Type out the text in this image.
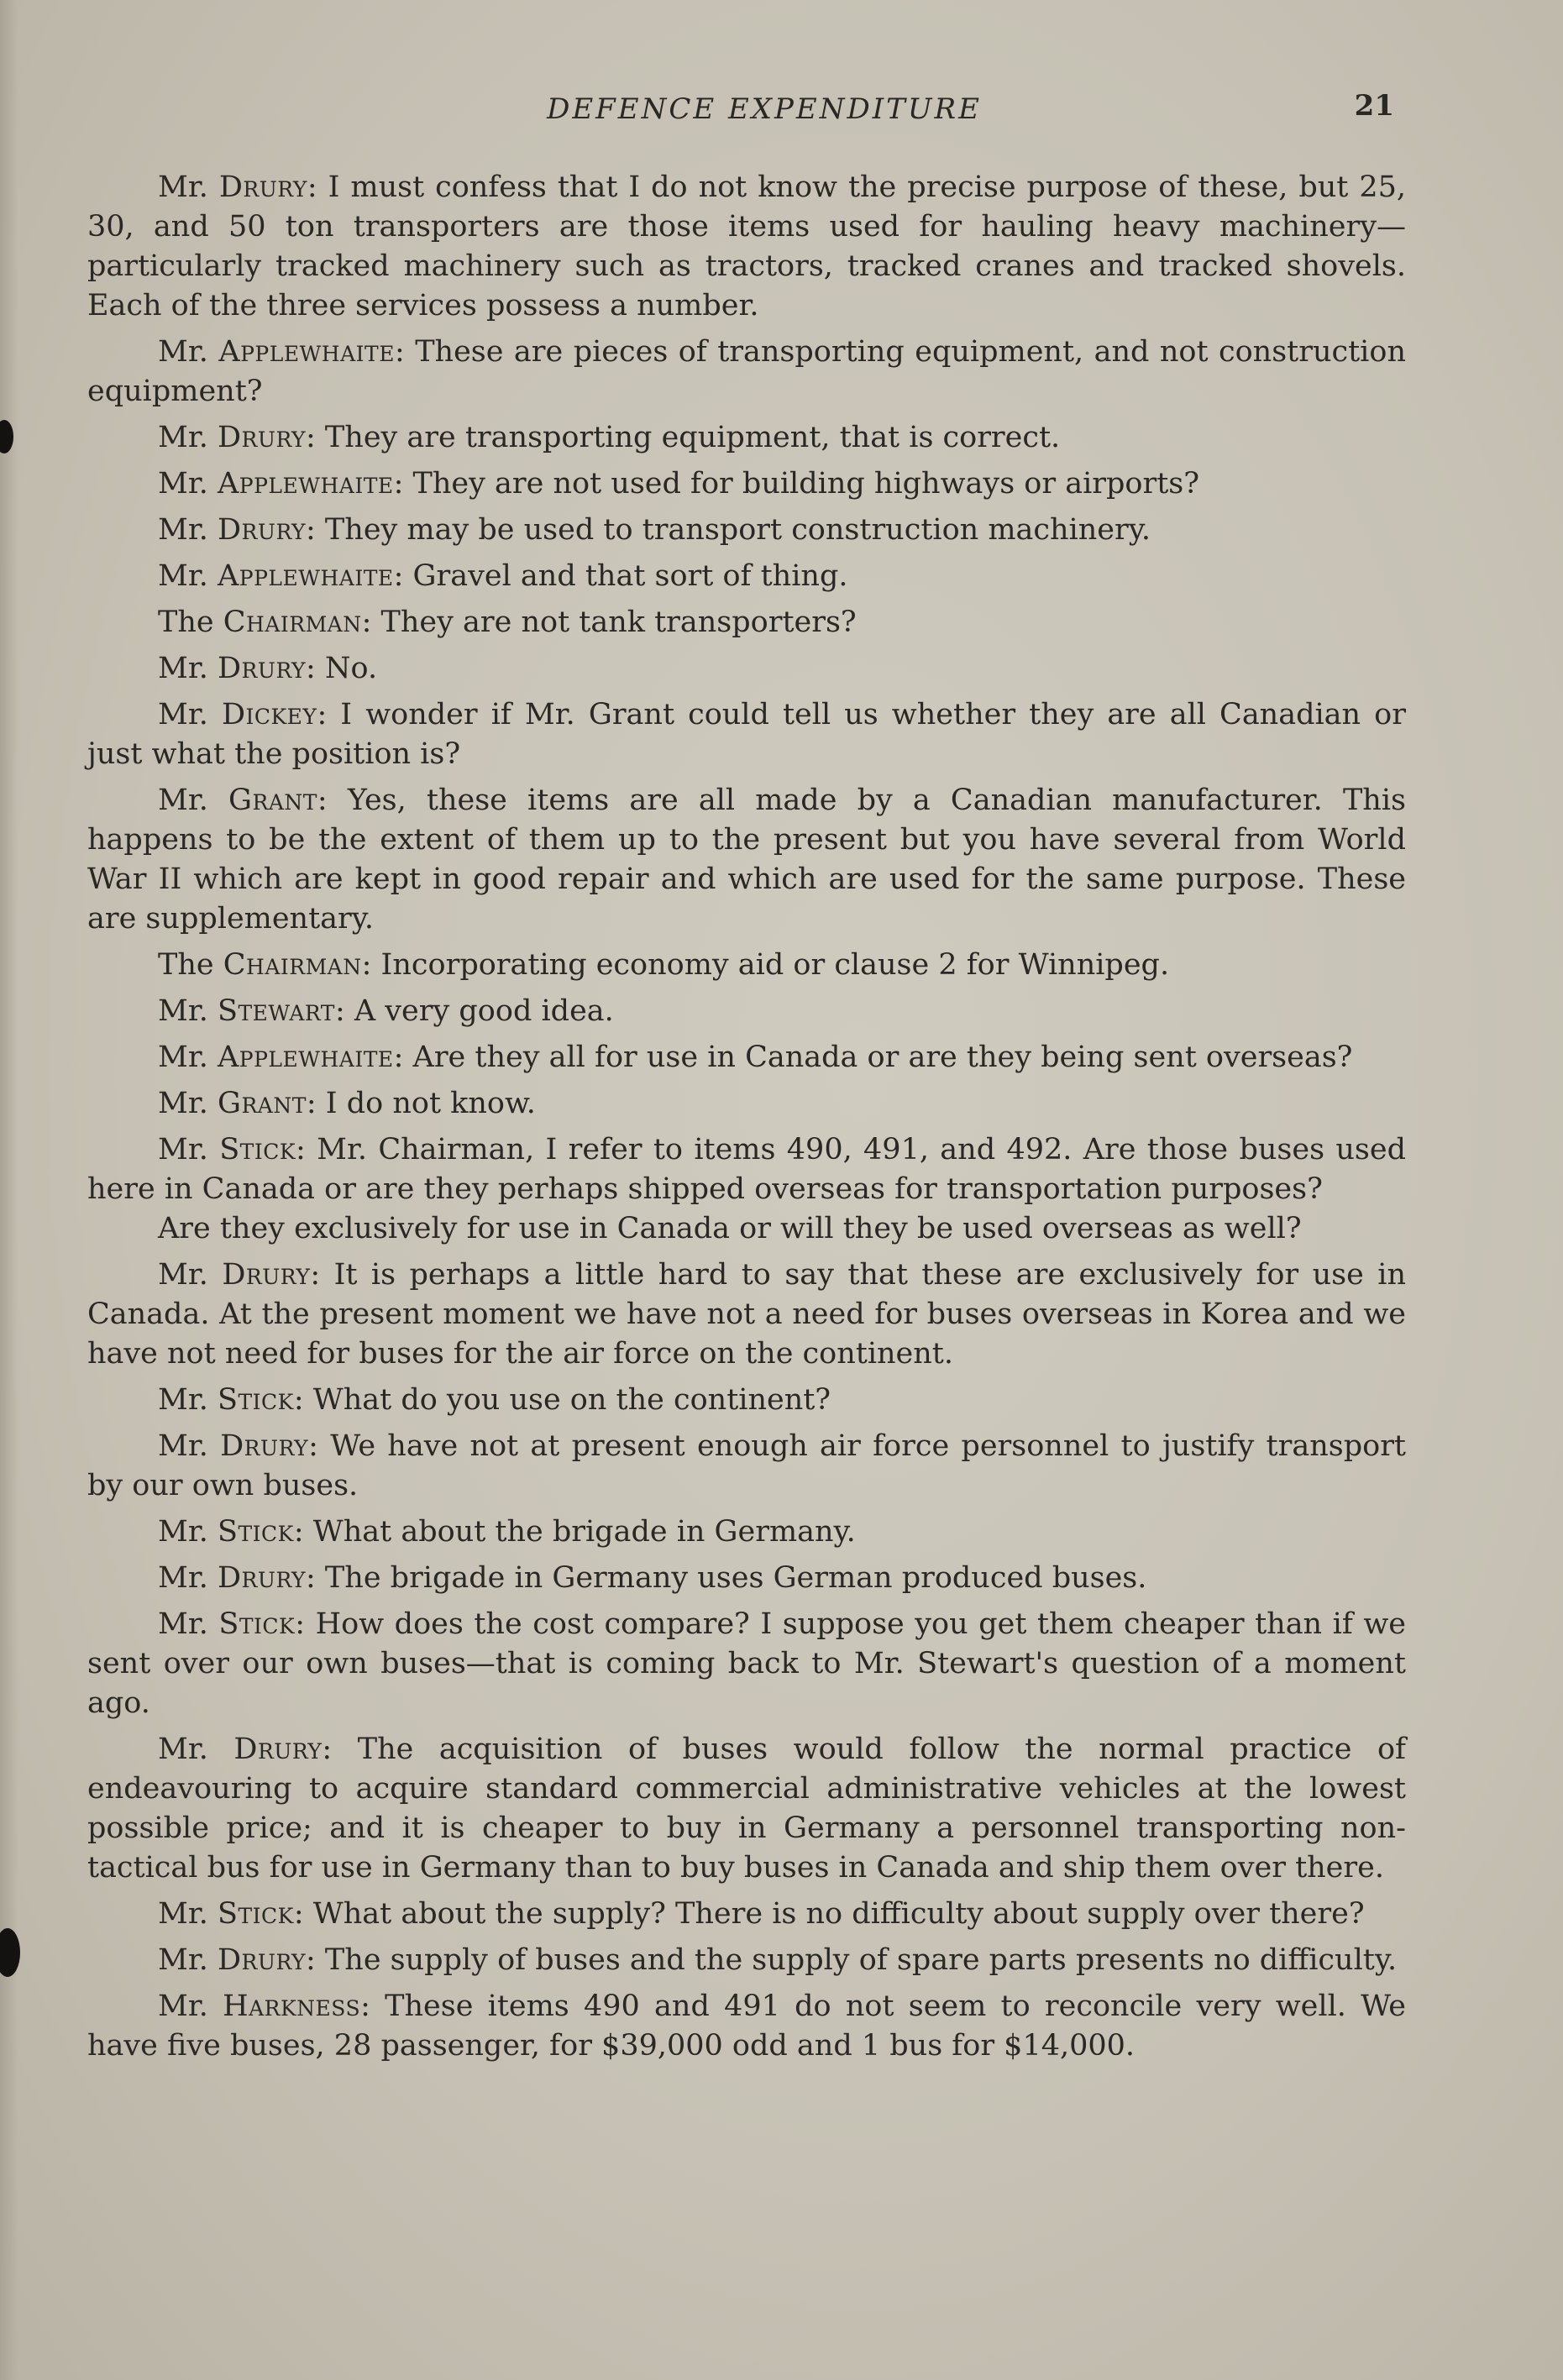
DEFENCE EXPENDITURE	21

Mr. Drury: I must confess that I do not know the precise purpose of these, but 25, 30, and 50 ton transporters are those items used for hauling heavy machinery—particularly tracked machinery such as tractors, tracked cranes and tracked shovels. Each of the three services possess a number.

Mr. Applewhaite: These are pieces of transporting equipment, and not construction equipment?

Mr. Drury: They are transporting equipment, that is correct.

Mr. Applewhaite: They are not used for building highways or airports?

Mr. Drury: They may be used to transport construction machinery.

Mr. Applewhaite: Gravel and that sort of thing.

The Chairman: They are not tank transporters?

Mr. Drury: No.

Mr. Dickey: I wonder if Mr. Grant could tell us whether they are all Canadian or just what the position is?

Mr. Grant: Yes, these items are all made by a Canadian manufacturer. This happens to be the extent of them up to the present but you have several from World War II which are kept in good repair and which are used for the same purpose. These are supplementary.

The Chairman: Incorporating economy aid or clause 2 for Winnipeg.

Mr. Stewart: A very good idea.

Mr. Applewhaite: Are they all for use in Canada or are they being sent overseas?

Mr. Grant: I do not know.

Mr. Stick: Mr. Chairman, I refer to items 490, 491, and 492. Are those buses used here in Canada or are they perhaps shipped overseas for transportation purposes?

Are they exclusively for use in Canada or will they be used overseas as well?

Mr. Drury: It is perhaps a little hard to say that these are exclusively for use in Canada. At the present moment we have not a need for buses overseas in Korea and we have not need for buses for the air force on the continent.

Mr. Stick: What do you use on the continent?

Mr. Drury: We have not at present enough air force personnel to justify transport by our own buses.

Mr. Stick: What about the brigade in Germany.

Mr. Drury: The brigade in Germany uses German produced buses.

Mr. Stick: How does the cost compare? I suppose you get them cheaper than if we sent over our own buses—that is coming back to Mr. Stewart's question of a moment ago.

Mr. Drury: The acquisition of buses would follow the normal practice of endeavouring to acquire standard commercial administrative vehicles at the lowest possible price; and it is cheaper to buy in Germany a personnel transporting non-tactical bus for use in Germany than to buy buses in Canada and ship them over there.

Mr. Stick: What about the supply? There is no difficulty about supply over there?

Mr. Drury: The supply of buses and the supply of spare parts presents no difficulty.

Mr. Harkness: These items 490 and 491 do not seem to reconcile very well. We have five buses, 28 passenger, for $39,000 odd and 1 bus for $14,000.
